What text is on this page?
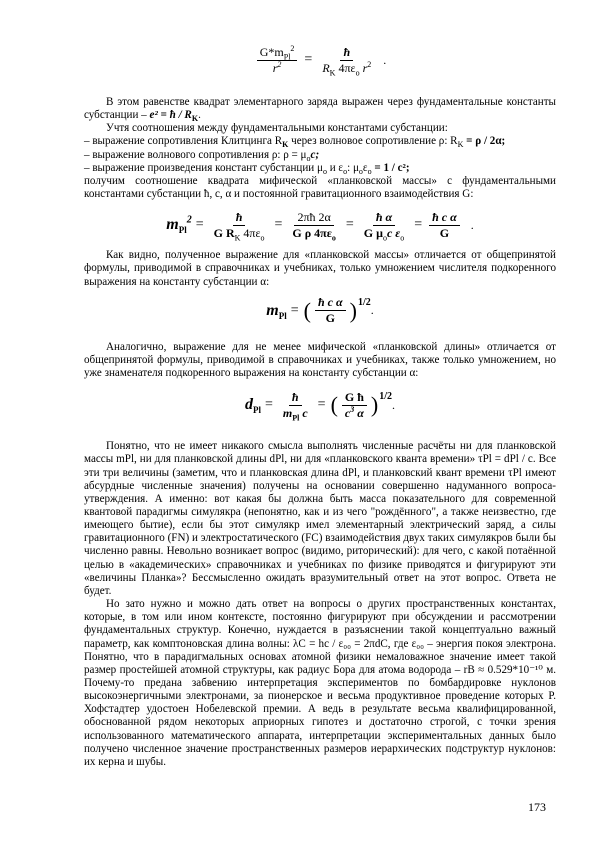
$\frac{G*m_{Pl}^2}{r^2} = \frac{ħ}{R_K 4\pi\varepsilon_o r^2}$ .

В этом равенстве квадрат элементарного заряда выражен через фундаментальные константы субстанции – e² = ħ / $R_K$.

Учтя соотношения между фундаментальными константами субстанции:

– выражение сопротивления Клитцинга $R_K$ через волновое сопротивление ρ: $R_K = \rho / 2\alpha$;

– выражение волнового сопротивления ρ: $\rho = \mu_oc$;

– выражение произведения констант субстанции $\mu_o$ и $\varepsilon_o$: $\mu_o\varepsilon_o = 1 / c^2$;

получим соотношение квадрата мифической «планковской массы» с фундаментальными константами субстанции ħ, c, α и постоянной гравитационного взаимодействия G:

$m_{Pl}^2 = \frac{ħ}{G R_K 4\pi\varepsilon_o} = \frac{2\pi ħ 2\alpha}{G \rho 4\pi\varepsilon_o} = \frac{\text{ħ α}}{G \mu_oc \varepsilon_o} = \frac{\text{ħ c α}}{G}$ .

Как видно, полученное выражение для «планковской массы» отличается от общепринятой формулы, приводимой в справочниках и учебниках, только умножением числителя подкоренного выражения на константу субстанции α:

$m_{Pl}$ = ( $\frac{\text{ħ c α}}{G} )^{1/2}$
.

Аналогично, выражение для не менее мифической «планковской длины» отличается от общепринятой формулы, приводимой в справочниках и учебниках, также только умножением, но уже знаменателя подкоренного выражения на константу субстанции α:

$d_{Pl} = \frac{ħ}{m_{Pl} c}$ = ( $\frac{\text{G ħ}}{c^3 \alpha} )^{1/2}$
.

Понятно, что не имеет никакого смысла выполнять численные расчёты ни для планковской массы mPl, ни для планковской длины dPl, ни для «планковского кванта времени» τPl = dPl / c. Все эти три величины (заметим, что и планковская длина dPl, и планковский квант времени τPl имеют абсурдные численные значения) получены на основании совершенно надуманного вопроса-утверждения. А именно: вот какая бы должна быть масса показательного для современной квантовой парадигмы симулякра (непонятно, как и из чего "рождённого", а также неизвестно, где имеющего бытие), если бы этот симулякр имел элементарный электрический заряд, а силы гравитационного (FN) и электростатического (FC) взаимодействия двух таких симулякров были бы численно равны. Невольно возникает вопрос (видимо, риторический): для чего, с какой потаённой целью в «академических» справочниках и учебниках по физике приводятся и фигурируют эти «величины Планка»? Бессмысленно ожидать вразумительный ответ на этот вопрос. Ответа не будет.

Но зато нужно и можно дать ответ на вопросы о других пространственных константах, которые, в том или ином контексте, постоянно фигурируют при обсуждении и рассмотрении фундаментальных структур. Конечно, нуждается в разъяснении такой концептуально важный параметр, как комптоновская длина волны: λC = hc / ε₀₀ = 2πdC, где ε₀₀ – энергия покоя электрона. Понятно, что в парадигмальных основах атомной физики немаловажное значение имеет такой размер простейшей атомной структуры, как радиус Бора для атома водорода – rB ≈ 0.529*10⁻¹⁰ м. Почему-то предана забвению интерпретация экспериментов по бомбардировке нуклонов высокоэнергичными электронами, за пионерское и весьма продуктивное проведение которых Р. Хофстадтер удостоен Нобелевской премии. А ведь в результате весьма квалифицированной, обоснованной рядом некоторых априорных гипотез и достаточно строгой, с точки зрения использованного математического аппарата, интерпретации экспериментальных данных было получено численное значение пространственных размеров иерархических подструктур нуклонов: их керна и шубы.

173
